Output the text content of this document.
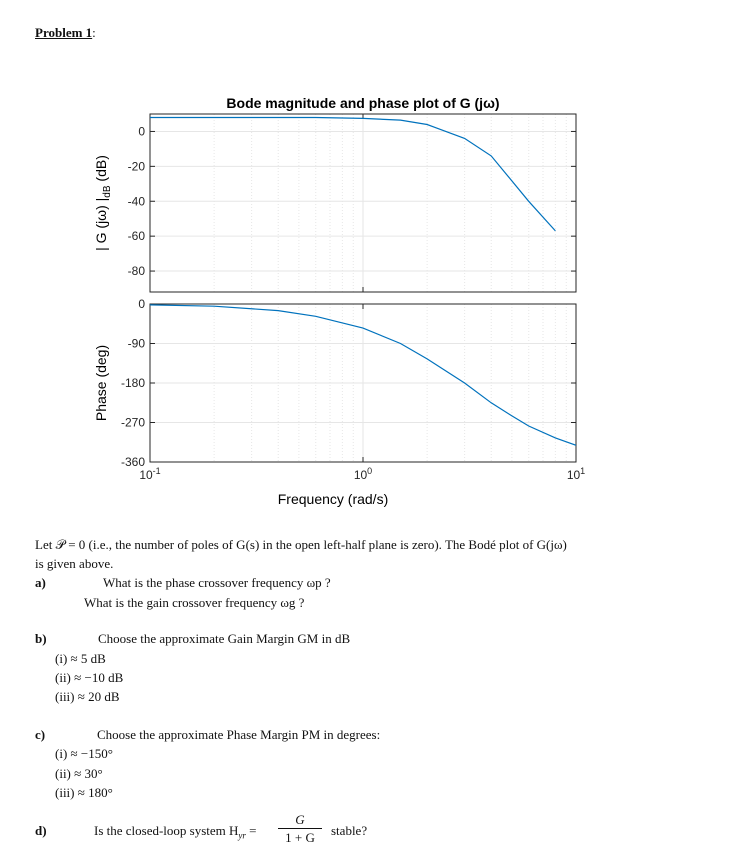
Problem 1:
0
-20
-40
-60
-80
0
-90
-180
-270
-360
Bode magnitude and phase plot of G (jω)
$10^{-1}$	$10^0$	$10^1$
Frequency (rad/s)
| G (jω) $|_{dB}$ (dB)
Phase (deg)
Let 𝒫 = 0 (i.e., the number of poles of G(s) in the open left-half plane is zero). The Bodé plot of G(jω)
is given above.
a)	What is the phase crossover frequency ωp ?
What is the gain crossover frequency ωg ?
b)	Choose the approximate Gain Margin GM in dB
(i) ≈ 5 dB
(ii) ≈ −10 dB
(iii) ≈ 20 dB
c)	Choose the approximate Phase Margin PM in degrees:
(i) ≈ −150°
(ii) ≈ 30°
(iii) ≈ 180°
d)	Is the closed-loop system $H_{yr}$ =
G
1 + G	stable?
